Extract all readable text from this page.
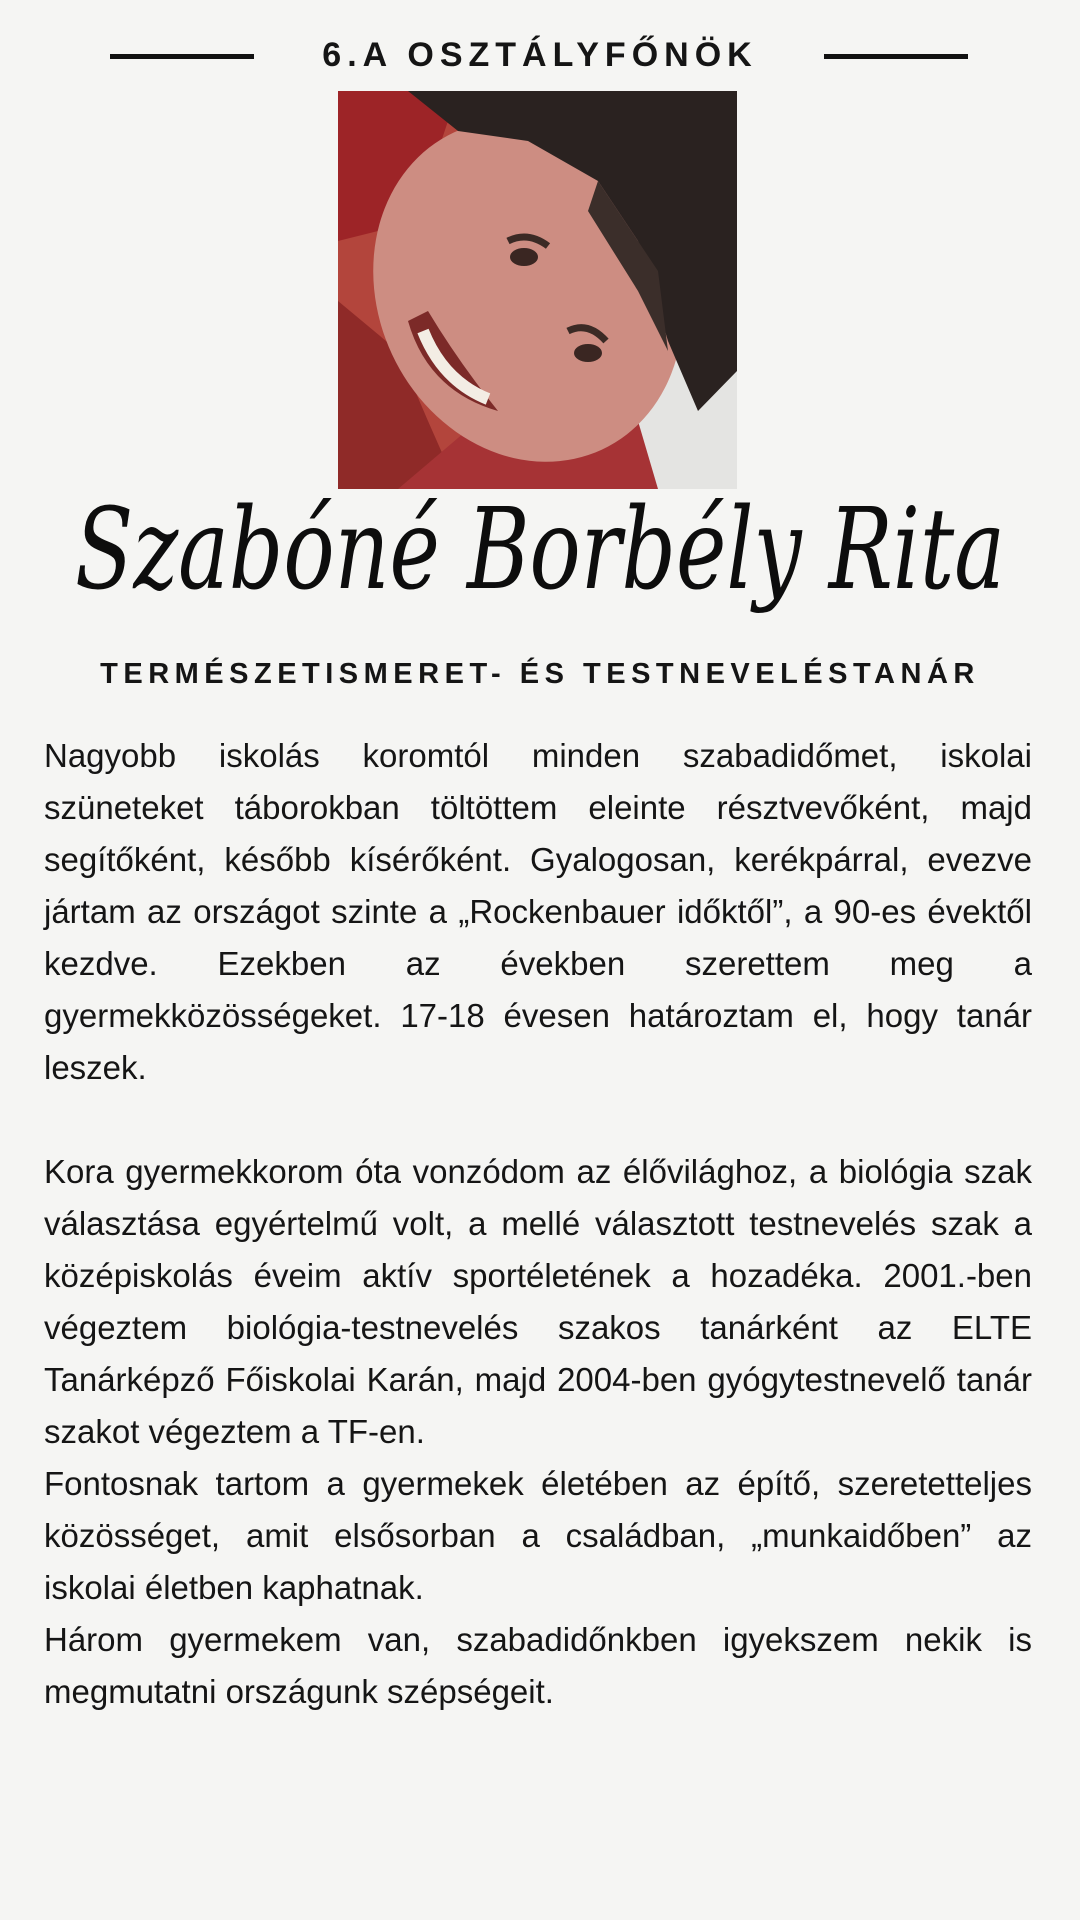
6.A OSZTÁLYFŐNÖK
Szabóné Borbély Rita
TERMÉSZETISMERET- ÉS TESTNEVELÉSTANÁR

Nagyobb iskolás koromtól minden szabadidőmet, iskolai szüneteket táborokban töltöttem eleinte résztvevőként, majd segítőként, később kísérőként. Gyalogosan, kerékpárral, evezve jártam az országot szinte a „Rockenbauer időktől”, a 90-es évektől kezdve. Ezekben az években szerettem meg a gyermekközösségeket. 17-18 évesen határoztam el, hogy tanár leszek.

Kora gyermekkorom óta vonzódom az élővilághoz, a biológia szak választása egyértelmű volt, a mellé választott testnevelés szak a középiskolás éveim aktív sportéletének a hozadéka. 2001.-ben végeztem biológia-testnevelés szakos tanárként az ELTE Tanárképző Főiskolai Karán, majd 2004-ben gyógytestnevelő tanár szakot végeztem a TF-en.

Fontosnak tartom a gyermekek életében az építő, szeretetteljes közösséget, amit elsősorban a családban, „munkaidőben” az iskolai életben kaphatnak.

Három gyermekem van, szabadidőnkben igyekszem nekik is megmutatni országunk szépségeit.
